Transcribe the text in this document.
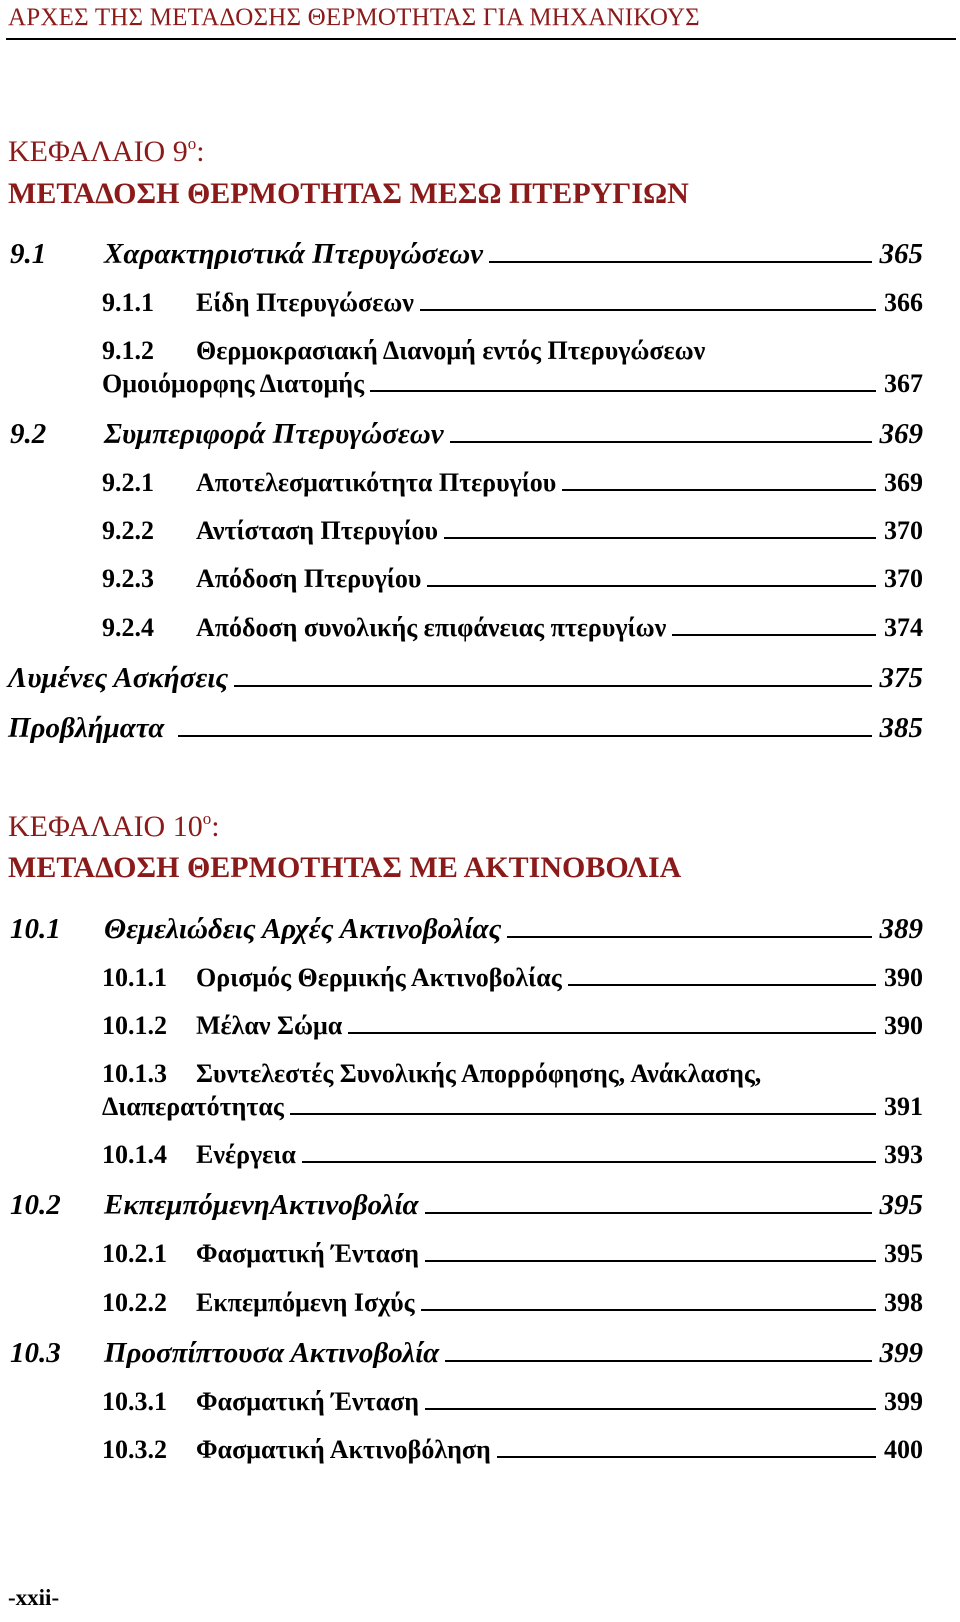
ΑΡΧΕΣ ΤΗΣ ΜΕΤΑΔΟΣΗΣ ΘΕΡΜΟΤΗΤΑΣ ΓΙΑ ΜΗΧΑΝΙΚΟΥΣ
ΚΕΦΑΛΑΙΟ $9^o$:
ΜΕΤΑΔΟΣΗ ΘΕΡΜΟΤΗΤΑΣ ΜΕΣΩ ΠΤΕΡΥΓΙΩΝ
9.1	Χαρακτηριστικά Πτερυγώσεων	365
9.1.1	Είδη Πτερυγώσεων	366
9.1.2 Θερμοκρασιακή Διανομή εντός Πτερυγώσεων
Ομοιόμορφης Διατομής	367
9.2	Συμπεριφορά Πτερυγώσεων	369
9.2.1	Αποτελεσματικότητα Πτερυγίου	369
9.2.2	Αντίσταση Πτερυγίου	370
9.2.3	Απόδοση Πτερυγίου	370
9.2.4	Απόδοση συνολικής επιφάνειας πτερυγίων	374
Λυμένες Ασκήσεις	375
Προβλήματα	385
ΚΕΦΑΛΑΙΟ $10^o$:
ΜΕΤΑΔΟΣΗ ΘΕΡΜΟΤΗΤΑΣ ΜΕ ΑΚΤΙΝΟΒΟΛΙΑ
10.1	Θεμελιώδεις Αρχές Ακτινοβολίας	389
10.1.1	Ορισμός Θερμικής Ακτινοβολίας	390
10.1.2	Μέλαν Σώμα	390
10.1.3 Συντελεστές Συνολικής Απορρόφησης, Ανάκλασης,
Διαπερατότητας	391
10.1.4	Ενέργεια	393
10.2	ΕκπεμπόμενηΑκτινοβολία	395
10.2.1	Φασματική Ένταση	395
10.2.2	Εκπεμπόμενη Ισχύς	398
10.3	Προσπίπτουσα Ακτινοβολία	399
10.3.1	Φασματική Ένταση	399
10.3.2	Φασματική Ακτινοβόληση	400
-xxii-
